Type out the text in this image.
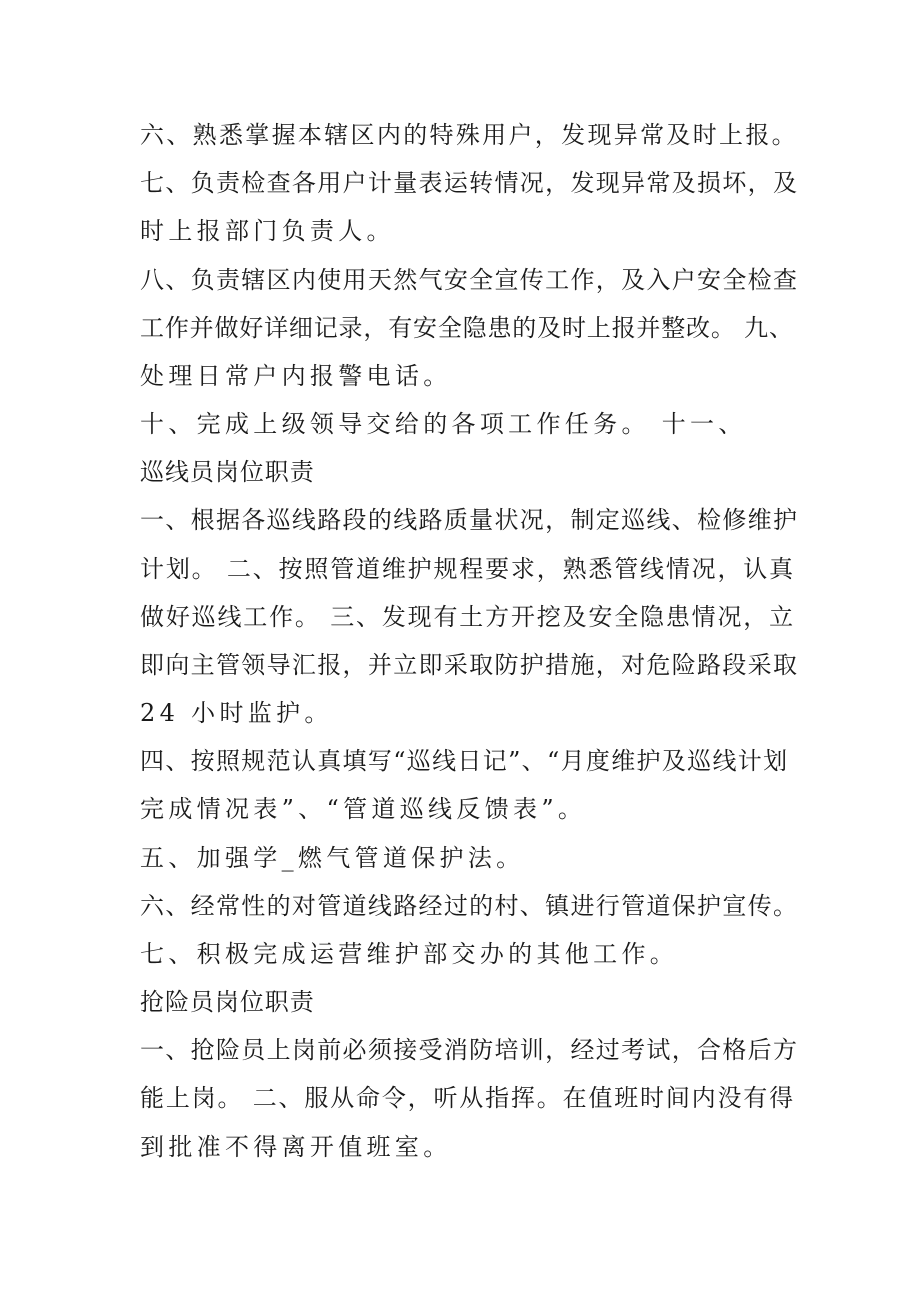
六、熟悉掌握本辖区内的特殊用户，发现异常及时上报。
七、负责检查各用户计量表运转情况，发现异常及损坏，及
时上报部门负责人。
八、负责辖区内使用天然气安全宣传工作，及入户安全检查
工作并做好详细记录，有安全隐患的及时上报并整改。 九、
处理日常户内报警电话。
十、完成上级领导交给的各项工作任务。 十一、
巡线员岗位职责
一、根据各巡线路段的线路质量状况，制定巡线、检修维护
计划。 二、按照管道维护规程要求，熟悉管线情况，认真
做好巡线工作。 三、发现有土方开挖及安全隐患情况，立
即向主管领导汇报，并立即采取防护措施，对危险路段采取
24 小时监护。
四、按照规范认真填写“巡线日记”、“月度维护及巡线计划
完成情况表”、“管道巡线反馈表”。
五、加强学_燃气管道保护法。
六、经常性的对管道线路经过的村、镇进行管道保护宣传。
七、积极完成运营维护部交办的其他工作。
抢险员岗位职责
一、抢险员上岗前必须接受消防培训，经过考试，合格后方
能上岗。 二、服从命令，听从指挥。在值班时间内没有得
到批准不得离开值班室。
